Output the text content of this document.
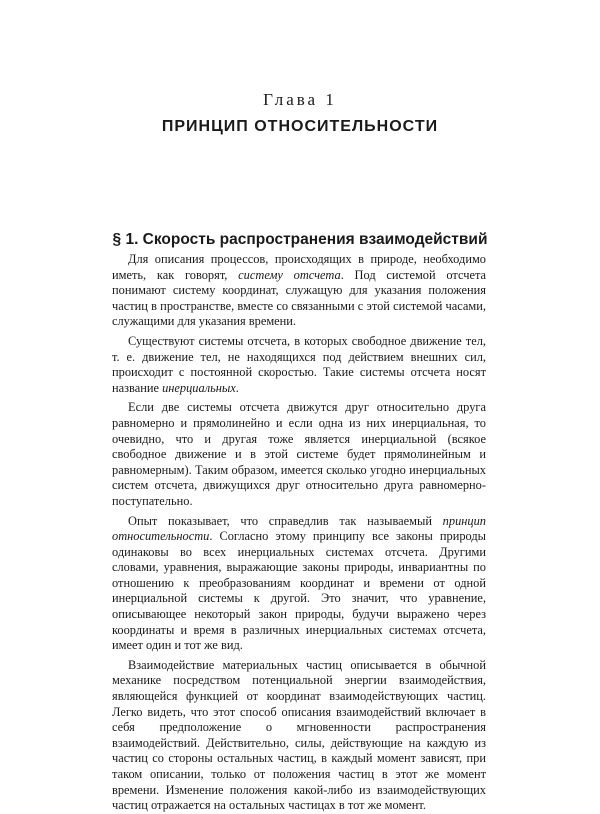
Глава 1
ПРИНЦИП ОТНОСИТЕЛЬНОСТИ
§ 1. Скорость распространения взаимодействий

Для описания процессов, происходящих в природе, необходимо иметь, как говорят, систему отсчета. Под системой отсчета понимают систему координат, служащую для указания положения частиц в пространстве, вместе со связанными с этой системой часами, служащими для указания времени.

Существуют системы отсчета, в которых свободное движение тел, т. е. движение тел, не находящихся под действием внешних сил, происходит с постоянной скоростью. Такие системы отсчета носят название инерциальных.

Если две системы отсчета движутся друг относительно друга равномерно и прямолинейно и если одна из них инерциальная, то очевидно, что и другая тоже является инерциальной (всякое свободное движение и в этой системе будет прямолинейным и равномерным). Таким образом, имеется сколько угодно инерциальных систем отсчета, движущихся друг относительно друга равномерно-поступательно.

Опыт показывает, что справедлив так называемый принцип относительности. Согласно этому принципу все законы природы одинаковы во всех инерциальных системах отсчета. Другими словами, уравнения, выражающие законы природы, инвариантны по отношению к преобразованиям координат и времени от одной инерциальной системы к другой. Это значит, что уравнение, описывающее некоторый закон природы, будучи выражено через координаты и время в различных инерциальных системах отсчета, имеет один и тот же вид.

Взаимодействие материальных частиц описывается в обычной механике посредством потенциальной энергии взаимодействия, являющейся функцией от координат взаимодействующих частиц. Легко видеть, что этот способ описания взаимодействий включает в себя предположение о мгновенности распространения взаимодействий. Действительно, силы, действующие на каждую из частиц со стороны остальных частиц, в каждый момент зависят, при таком описании, только от положения частиц в этот же момент времени. Изменение положения какой-либо из взаимодействующих частиц отражается на остальных частицах в тот же момент.
